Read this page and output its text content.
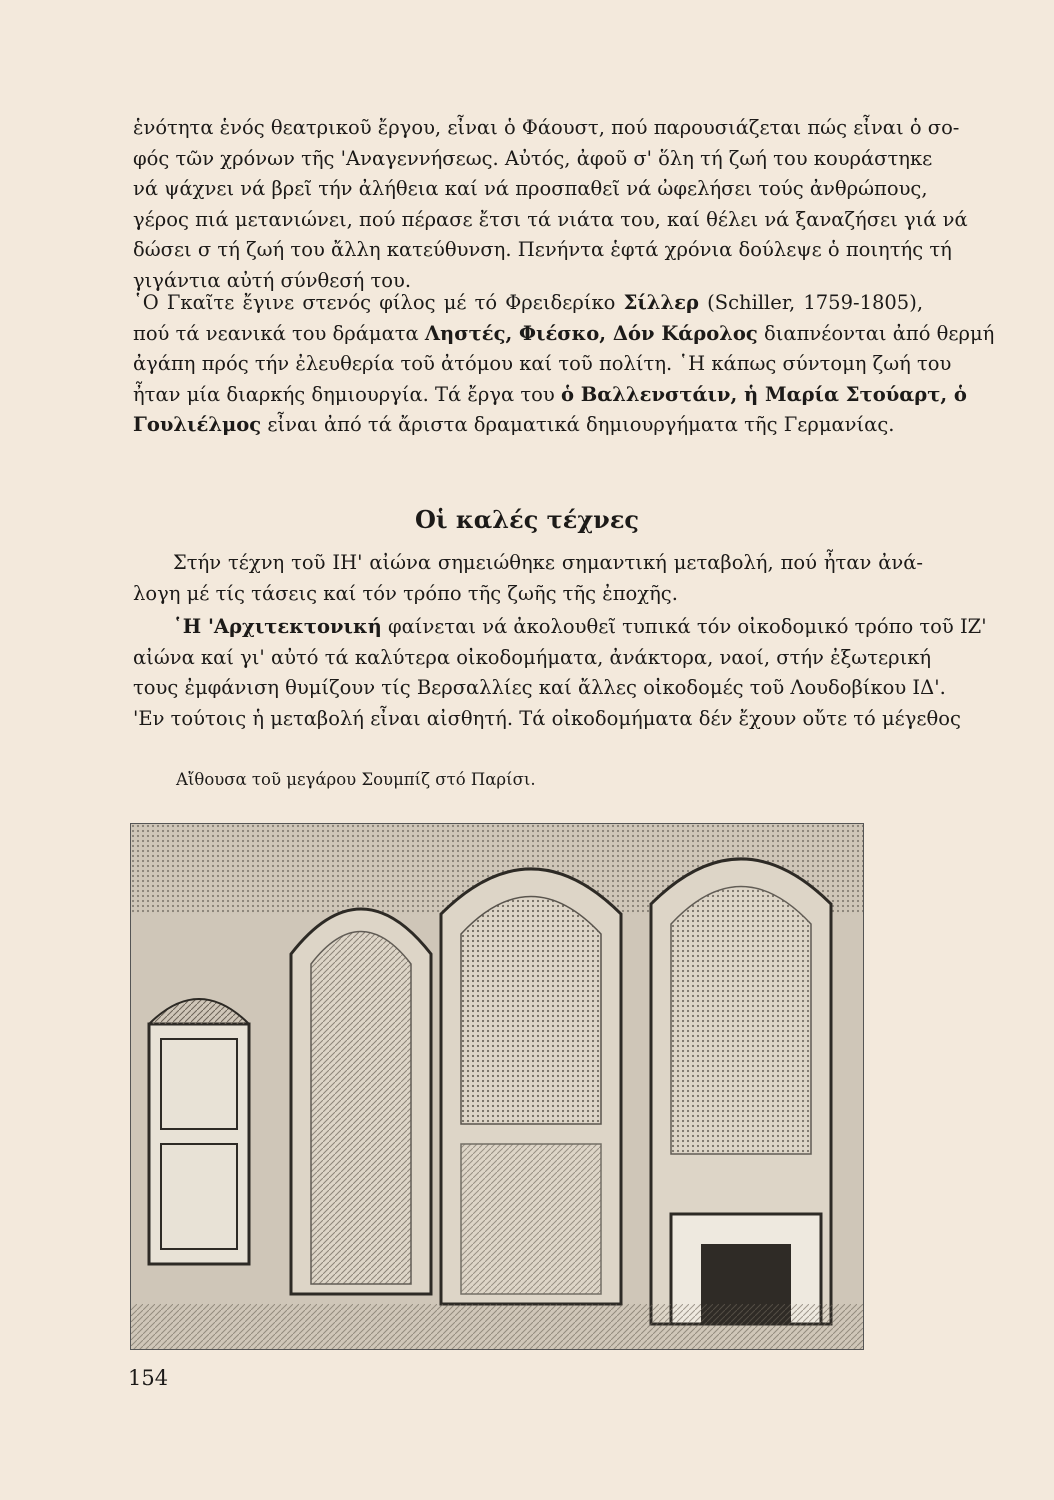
ἑνότητα ἑνός θεατρικοῦ ἔργου, εἶναι ὁ Φάουστ, πού παρουσιάζεται πώς εἶναι ὁ σο-
φός τῶν χρόνων τῆς 'Αναγεννήσεως. Αὐτός, ἀφοῦ σ' ὅλη τή ζωή του κουράστηκε
νά ψάχνει νά βρεῖ τήν ἀλήθεια καί νά προσπαθεῖ νά ὠφελήσει τούς ἀνθρώπους,
γέρος πιά μετανιώνει, πού πέρασε ἔτσι τά νιάτα του, καί θέλει νά ξαναζήσει γιά νά
δώσει σ τή ζωή του ἄλλη κατεύθυνση. Πενήντα ἑφτά χρόνια δούλεψε ὁ ποιητής τή
γιγάντια αὐτή σύνθεσή του.
῾Ο Γκαῖτε ἔγινε στενός φίλος μέ τό Φρειδερίκο Σίλλερ (Schiller, 1759-1805),
πού τά νεανικά του δράματα Ληστές, Φιέσκο, Δόν Κάρολος διαπνέονται ἀπό θερμή
ἀγάπη πρός τήν ἐλευθερία τοῦ ἀτόμου καί τοῦ πολίτη. ῾Η κάπως σύντομη ζωή του
ἦταν μία διαρκής δημιουργία. Τά ἔργα του ὁ Βαλλενστάιν, ἡ Μαρία Στούαρτ, ὁ
Γουλιέλμος εἶναι ἀπό τά ἄριστα δραματικά δημιουργήματα τῆς Γερμανίας.
Οἱ καλές τέχνες
Στήν τέχνη τοῦ ΙΗ' αἰώνα σημειώθηκε σημαντική μεταβολή, πού ἦταν ἀνά-
λογη μέ τίς τάσεις καί τόν τρόπο τῆς ζωῆς τῆς ἐποχῆς.
῾Η 'Αρχιτεκτονική φαίνεται νά ἀκολουθεῖ τυπικά τόν οἰκοδομικό τρόπο τοῦ ΙΖ'
αἰώνα καί γι' αὐτό τά καλύτερα οἰκοδομήματα, ἀνάκτορα, ναοί, στήν ἐξωτερική
τους ἐμφάνιση θυμίζουν τίς Βερσαλλίες καί ἄλλες οἰκοδομές τοῦ Λουδοβίκου ΙΔ'.
'Εν τούτοις ἡ μεταβολή εἶναι αἰσθητή. Τά οἰκοδομήματα δέν ἔχουν οὔτε τό μέγεθος

Αἴθουσα τοῦ μεγάρου Σουμπίζ στό Παρίσι.

154
